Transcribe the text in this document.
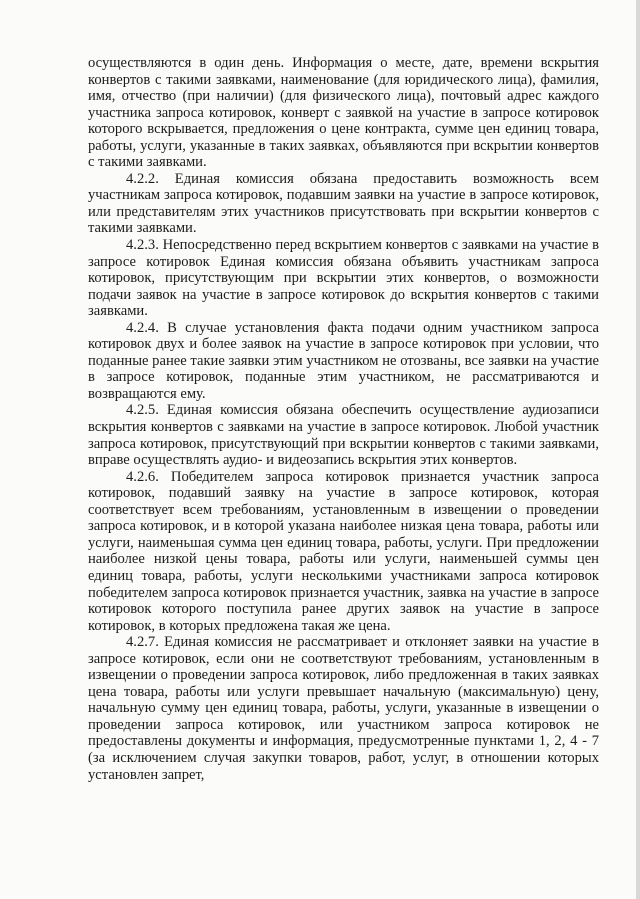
осуществляются в один день. Информация о месте, дате, времени вскрытия конвертов с такими заявками, наименование (для юридического лица), фамилия, имя, отчество (при наличии) (для физического лица), почтовый адрес каждого участника запроса котировок, конверт с заявкой на участие в запросе котировок которого вскрывается, предложения о цене контракта, сумме цен единиц товара, работы, услуги, указанные в таких заявках, объявляются при вскрытии конвертов с такими заявками.

4.2.2. Единая комиссия обязана предоставить возможность всем участникам запроса котировок, подавшим заявки на участие в запросе котировок, или представителям этих участников присутствовать при вскрытии конвертов с такими заявками.

4.2.3. Непосредственно перед вскрытием конвертов с заявками на участие в запросе котировок Единая комиссия обязана объявить участникам запроса котировок, присутствующим при вскрытии этих конвертов, о возможности подачи заявок на участие в запросе котировок до вскрытия конвертов с такими заявками.

4.2.4. В случае установления факта подачи одним участником запроса котировок двух и более заявок на участие в запросе котировок при условии, что поданные ранее такие заявки этим участником не отозваны, все заявки на участие в запросе котировок, поданные этим участником, не рассматриваются и возвращаются ему.

4.2.5. Единая комиссия обязана обеспечить осуществление аудиозаписи вскрытия конвертов с заявками на участие в запросе котировок. Любой участник запроса котировок, присутствующий при вскрытии конвертов с такими заявками, вправе осуществлять аудио- и видеозапись вскрытия этих конвертов.

4.2.6. Победителем запроса котировок признается участник запроса котировок, подавший заявку на участие в запросе котировок, которая соответствует всем требованиям, установленным в извещении о проведении запроса котировок, и в которой указана наиболее низкая цена товара, работы или услуги, наименьшая сумма цен единиц товара, работы, услуги. При предложении наиболее низкой цены товара, работы или услуги, наименьшей суммы цен единиц товара, работы, услуги несколькими участниками запроса котировок победителем запроса котировок признается участник, заявка на участие в запросе котировок которого поступила ранее других заявок на участие в запросе котировок, в которых предложена такая же цена.

4.2.7. Единая комиссия не рассматривает и отклоняет заявки на участие в запросе котировок, если они не соответствуют требованиям, установленным в извещении о проведении запроса котировок, либо предложенная в таких заявках цена товара, работы или услуги превышает начальную (максимальную) цену, начальную сумму цен единиц товара, работы, услуги, указанные в извещении о проведении запроса котировок, или участником запроса котировок не предоставлены документы и информация, предусмотренные пунктами 1, 2, 4 - 7 (за исключением случая закупки товаров, работ, услуг, в отношении которых установлен запрет,
